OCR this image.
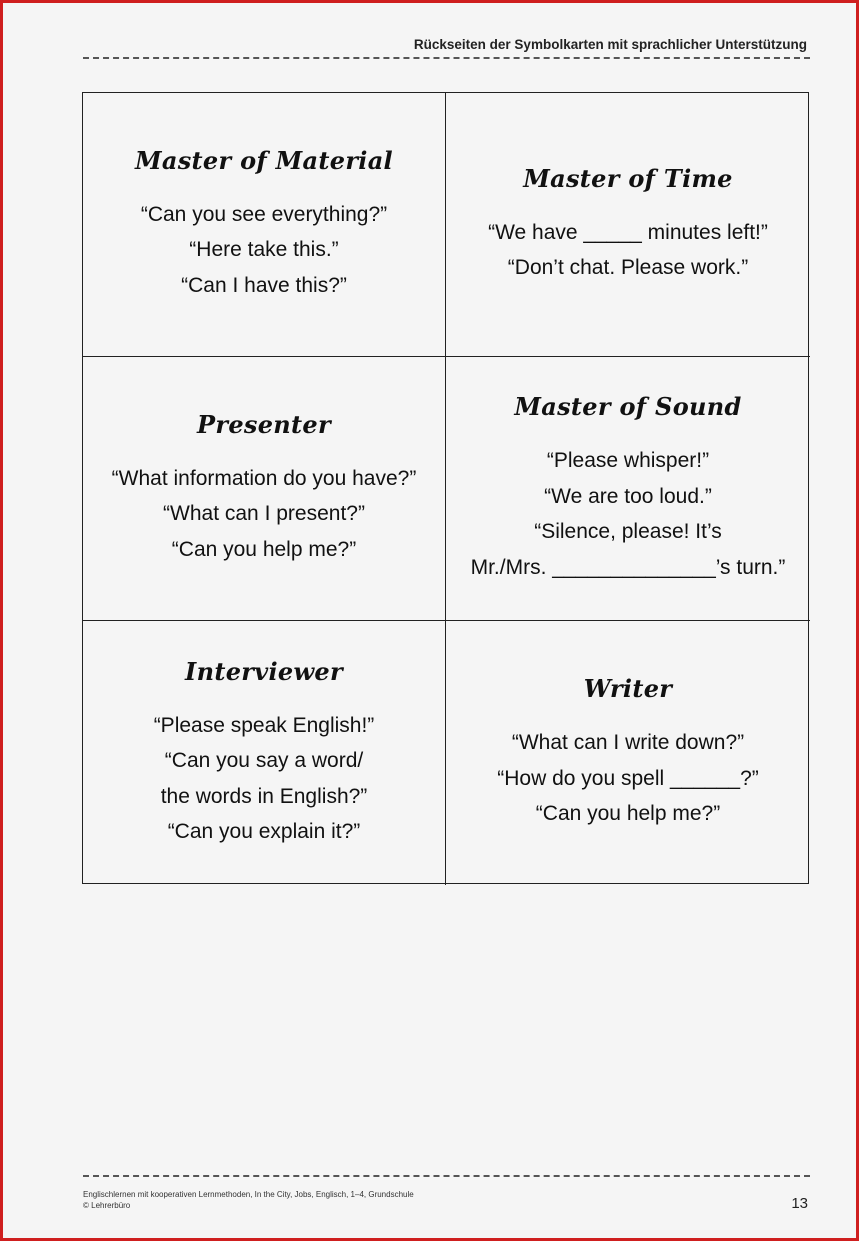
Rückseiten der Symbolkarten mit sprachlicher Unterstützung
Master of Material
“Can you see everything?”
“Here take this.”
“Can I have this?”
Master of Time
“We have _____ minutes left!”
“Don’t chat. Please work.”
Presenter
“What information do you have?”
“What can I present?”
“Can you help me?”
Master of Sound
“Please whisper!”
“We are too loud.”
“Silence, please! It’s
Mr./Mrs. ______________’s turn.”
Interviewer
“Please speak English!”
“Can you say a word/
the words in English?”
“Can you explain it?”
Writer
“What can I write down?”
“How do you spell ______?”
“Can you help me?”
Englischlernen mit kooperativen Lernmethoden, In the City, Jobs, Englisch, 1–4, Grundschule
© Lehrerbüro	13
